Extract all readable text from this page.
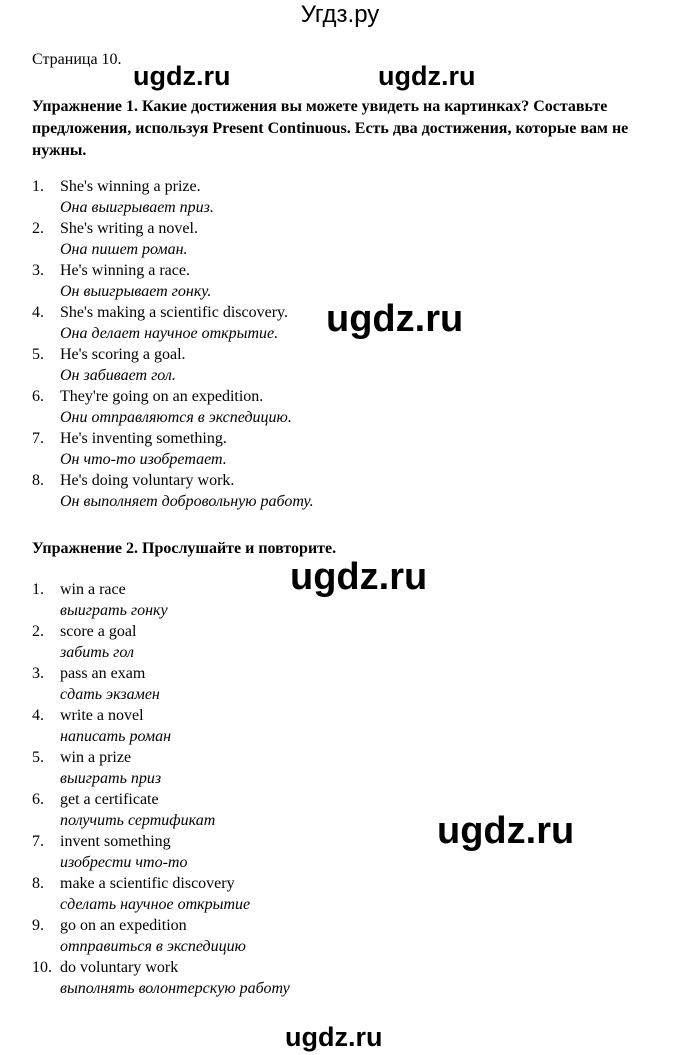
Угдз.ру
Страница 10.
Упражнение 1. Какие достижения вы можете увидеть на картинках? Составьте предложения, используя Present Continuous. Есть два достижения, которые вам не нужны.
1. She's winning a prize.
Она выигрывает приз.
2. She's writing a novel.
Она пишет роман.
3. He's winning a race.
Он выигрывает гонку.
4. She's making a scientific discovery.
Она делает научное открытие.
5. He's scoring a goal.
Он забивает гол.
6. They're going on an expedition.
Они отправляются в экспедицию.
7. He's inventing something.
Он что-то изобретает.
8. He's doing voluntary work.
Он выполняет добровольную работу.
Упражнение 2. Прослушайте и повторите.
1. win a race
выиграть гонку
2. score a goal
забить гол
3. pass an exam
сдать экзамен
4. write a novel
написать роман
5. win a prize
выиграть приз
6. get a certificate
получить сертификат
7. invent something
изобрести что-то
8. make a scientific discovery
сделать научное открытие
9. go on an expedition
отправиться в экспедицию
10. do voluntary work
выполнять волонтерскую работу
ugdz.ru	ugdz.ru
ugdz.ru
ugdz.ru
ugdz.ru
ugdz.ru
